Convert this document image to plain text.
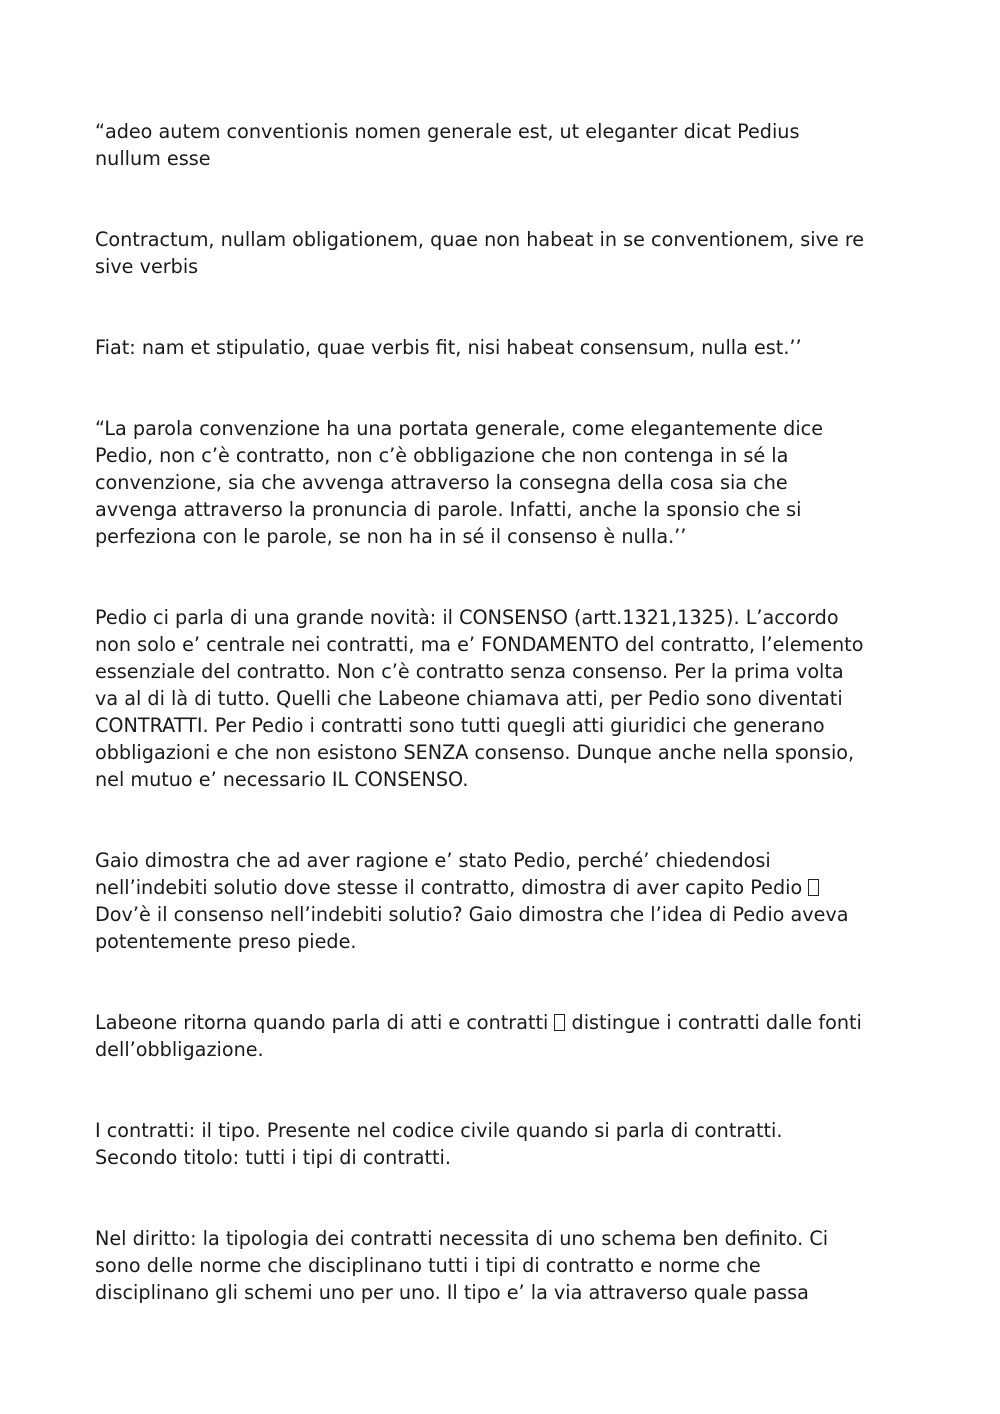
“adeo autem conventionis nomen generale est, ut eleganter dicat Pedius
nullum esse

Contractum, nullam obligationem, quae non habeat in se conventionem, sive re
sive verbis

Fiat: nam et stipulatio, quae verbis fit, nisi habeat consensum, nulla est.’’

“La parola convenzione ha una portata generale, come elegantemente dice
Pedio, non c’è contratto, non c’è obbligazione che non contenga in sé la
convenzione, sia che avvenga attraverso la consegna della cosa sia che
avvenga attraverso la pronuncia di parole. Infatti, anche la sponsio che si
perfeziona con le parole, se non ha in sé il consenso è nulla.’’

Pedio ci parla di una grande novità: il CONSENSO (artt.1321,1325). L’accordo
non solo e’ centrale nei contratti, ma e’ FONDAMENTO del contratto, l’elemento
essenziale del contratto. Non c’è contratto senza consenso. Per la prima volta
va al di là di tutto. Quelli che Labeone chiamava atti, per Pedio sono diventati
CONTRATTI. Per Pedio i contratti sono tutti quegli atti giuridici che generano
obbligazioni e che non esistono SENZA consenso. Dunque anche nella sponsio,
nel mutuo e’ necessario IL CONSENSO.

Gaio dimostra che ad aver ragione e’ stato Pedio, perché’ chiedendosi
nell’indebiti solutio dove stesse il contratto, dimostra di aver capito Pedio
Dov’è il consenso nell’indebiti solutio? Gaio dimostra che l’idea di Pedio aveva
potentemente preso piede.

Labeone ritorna quando parla di atti e contratti  distingue i contratti dalle fonti
dell’obbligazione.

I contratti: il tipo. Presente nel codice civile quando si parla di contratti.
Secondo titolo: tutti i tipi di contratti.

Nel diritto: la tipologia dei contratti necessita di uno schema ben definito. Ci
sono delle norme che disciplinano tutti i tipi di contratto e norme che
disciplinano gli schemi uno per uno. Il tipo e’ la via attraverso quale passa
